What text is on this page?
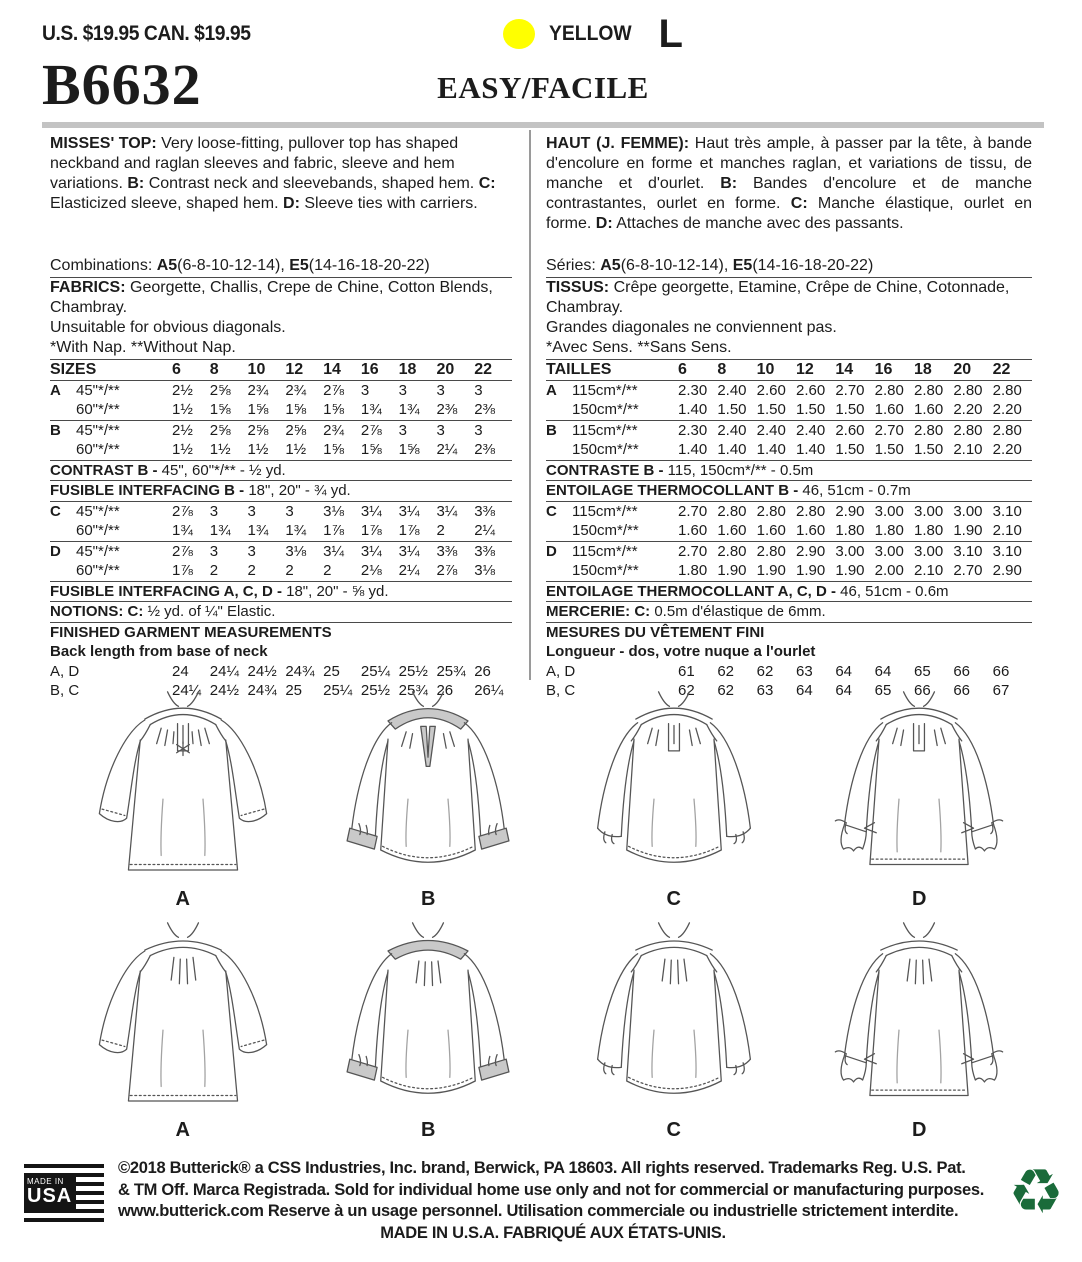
U.S. $19.95 CAN. $19.95	YELLOW L
B6632	EASY/FACILE
MISSES' TOP: Very loose-fitting, pullover top has shaped neckband and raglan sleeves and fabric, sleeve and hem variations. B: Contrast neck and sleevebands, shaped hem. C: Elasticized sleeve, shaped hem. D: Sleeve ties with carriers.
Combinations: A5(6-8-10-12-14), E5(14-16-18-20-22)
FABRICS: Georgette, Challis, Crepe de Chine, Cotton Blends, Chambray.
Unsuitable for obvious diagonals.
*With Nap. **Without Nap.
SIZES	6	8	10	12	14	16	18	20	22
A	45"*/**	2½	2⅝	2¾	2¾	2⅞	3	3	3	3
60"*/**	1½	1⅝	1⅝	1⅝	1⅝	1¾	1¾	2⅜	2⅜
B	45"*/**	2½	2⅝	2⅝	2⅝	2¾	2⅞	3	3	3
60"*/**	1½	1½	1½	1½	1⅝	1⅝	1⅝	2¼	2⅜
CONTRAST B - 45", 60"*/** - ½ yd.
FUSIBLE INTERFACING B - 18", 20" - ¾ yd.
C	45"*/**	2⅞	3	3	3	3⅛	3¼	3¼	3¼	3⅜
60"*/**	1¾	1¾	1¾	1¾	1⅞	1⅞	1⅞	2	2¼
D	45"*/**	2⅞	3	3	3⅛	3¼	3¼	3¼	3⅜	3⅜
60"*/**	1⅞	2	2	2	2	2⅛	2¼	2⅞	3⅛
FUSIBLE INTERFACING A, C, D - 18", 20" - ⅝ yd.
NOTIONS: C: ½ yd. of ¼" Elastic.
FINISHED GARMENT MEASUREMENTS
Back length from base of neck
A, D	24	24¼ 24½ 24¾ 25	25¼ 25½ 25¾ 26
B, C	24¼ 24½ 24¾ 25	25¼ 25½ 25¾ 26	26¼
HAUT (J. FEMME): Haut très ample, à passer par la tête, à bande d'encolure en forme et manches raglan, et variations de tissu, de manche et d'ourlet. B: Bandes d'encolure et de manche contrastantes, ourlet en forme. C: Manche élastique, ourlet en forme. D: Attaches de manche avec des passants.
Séries: A5(6-8-10-12-14), E5(14-16-18-20-22)
TISSUS: Crêpe georgette, Etamine, Crêpe de Chine, Cotonnade, Chambray.
Grandes diagonales ne conviennent pas.
*Avec Sens. **Sans Sens.
TAILLES	6	8	10	12	14	16	18	20	22
A	115cm*/**	2.30 2.40 2.60 2.60 2.70 2.80 2.80 2.80 2.80
150cm*/**	1.40 1.50 1.50 1.50 1.50 1.60 1.60 2.20 2.20
B	115cm*/**	2.30 2.40 2.40 2.40 2.60 2.70 2.80 2.80 2.80
150cm*/**	1.40 1.40 1.40 1.40 1.50 1.50 1.50 2.10 2.20
CONTRASTE B - 115, 150cm*/** - 0.5m
ENTOILAGE THERMOCOLLANT B - 46, 51cm - 0.7m
C	115cm*/**	2.70 2.80 2.80 2.80 2.90 3.00 3.00 3.00 3.10
150cm*/**	1.60 1.60 1.60 1.60 1.80 1.80 1.80 1.90 2.10
D	115cm*/**	2.70 2.80 2.80 2.90 3.00 3.00 3.00 3.10 3.10
150cm*/**	1.80 1.90 1.90 1.90 1.90 2.00 2.10 2.70 2.90
ENTOILAGE THERMOCOLLANT A, C, D - 46, 51cm - 0.6m
MERCERIE: C: 0.5m d'élastique de 6mm.
MESURES DU VÊTEMENT FINI
Longueur - dos, votre nuque a l'ourlet
A, D	61	62	62	63	64	64	65	66	66
B, C	62	62	63	64	64	65	66	66	67
A	B	C	D
A	B	C	D
MADE IN
USA
©2018 Butterick® a CSS Industries, Inc. brand, Berwick, PA 18603. All rights reserved. Trademarks Reg. U.S. Pat.
& TM Off. Marca Registrada. Sold for individual home use only and not for commercial or manufacturing purposes.
www.butterick.com Reserve à un usage personnel. Utilisation commerciale ou industrielle strictement interdite.
MADE IN U.S.A. FABRIQUÉ AUX ÉTATS-UNIS.
♻
